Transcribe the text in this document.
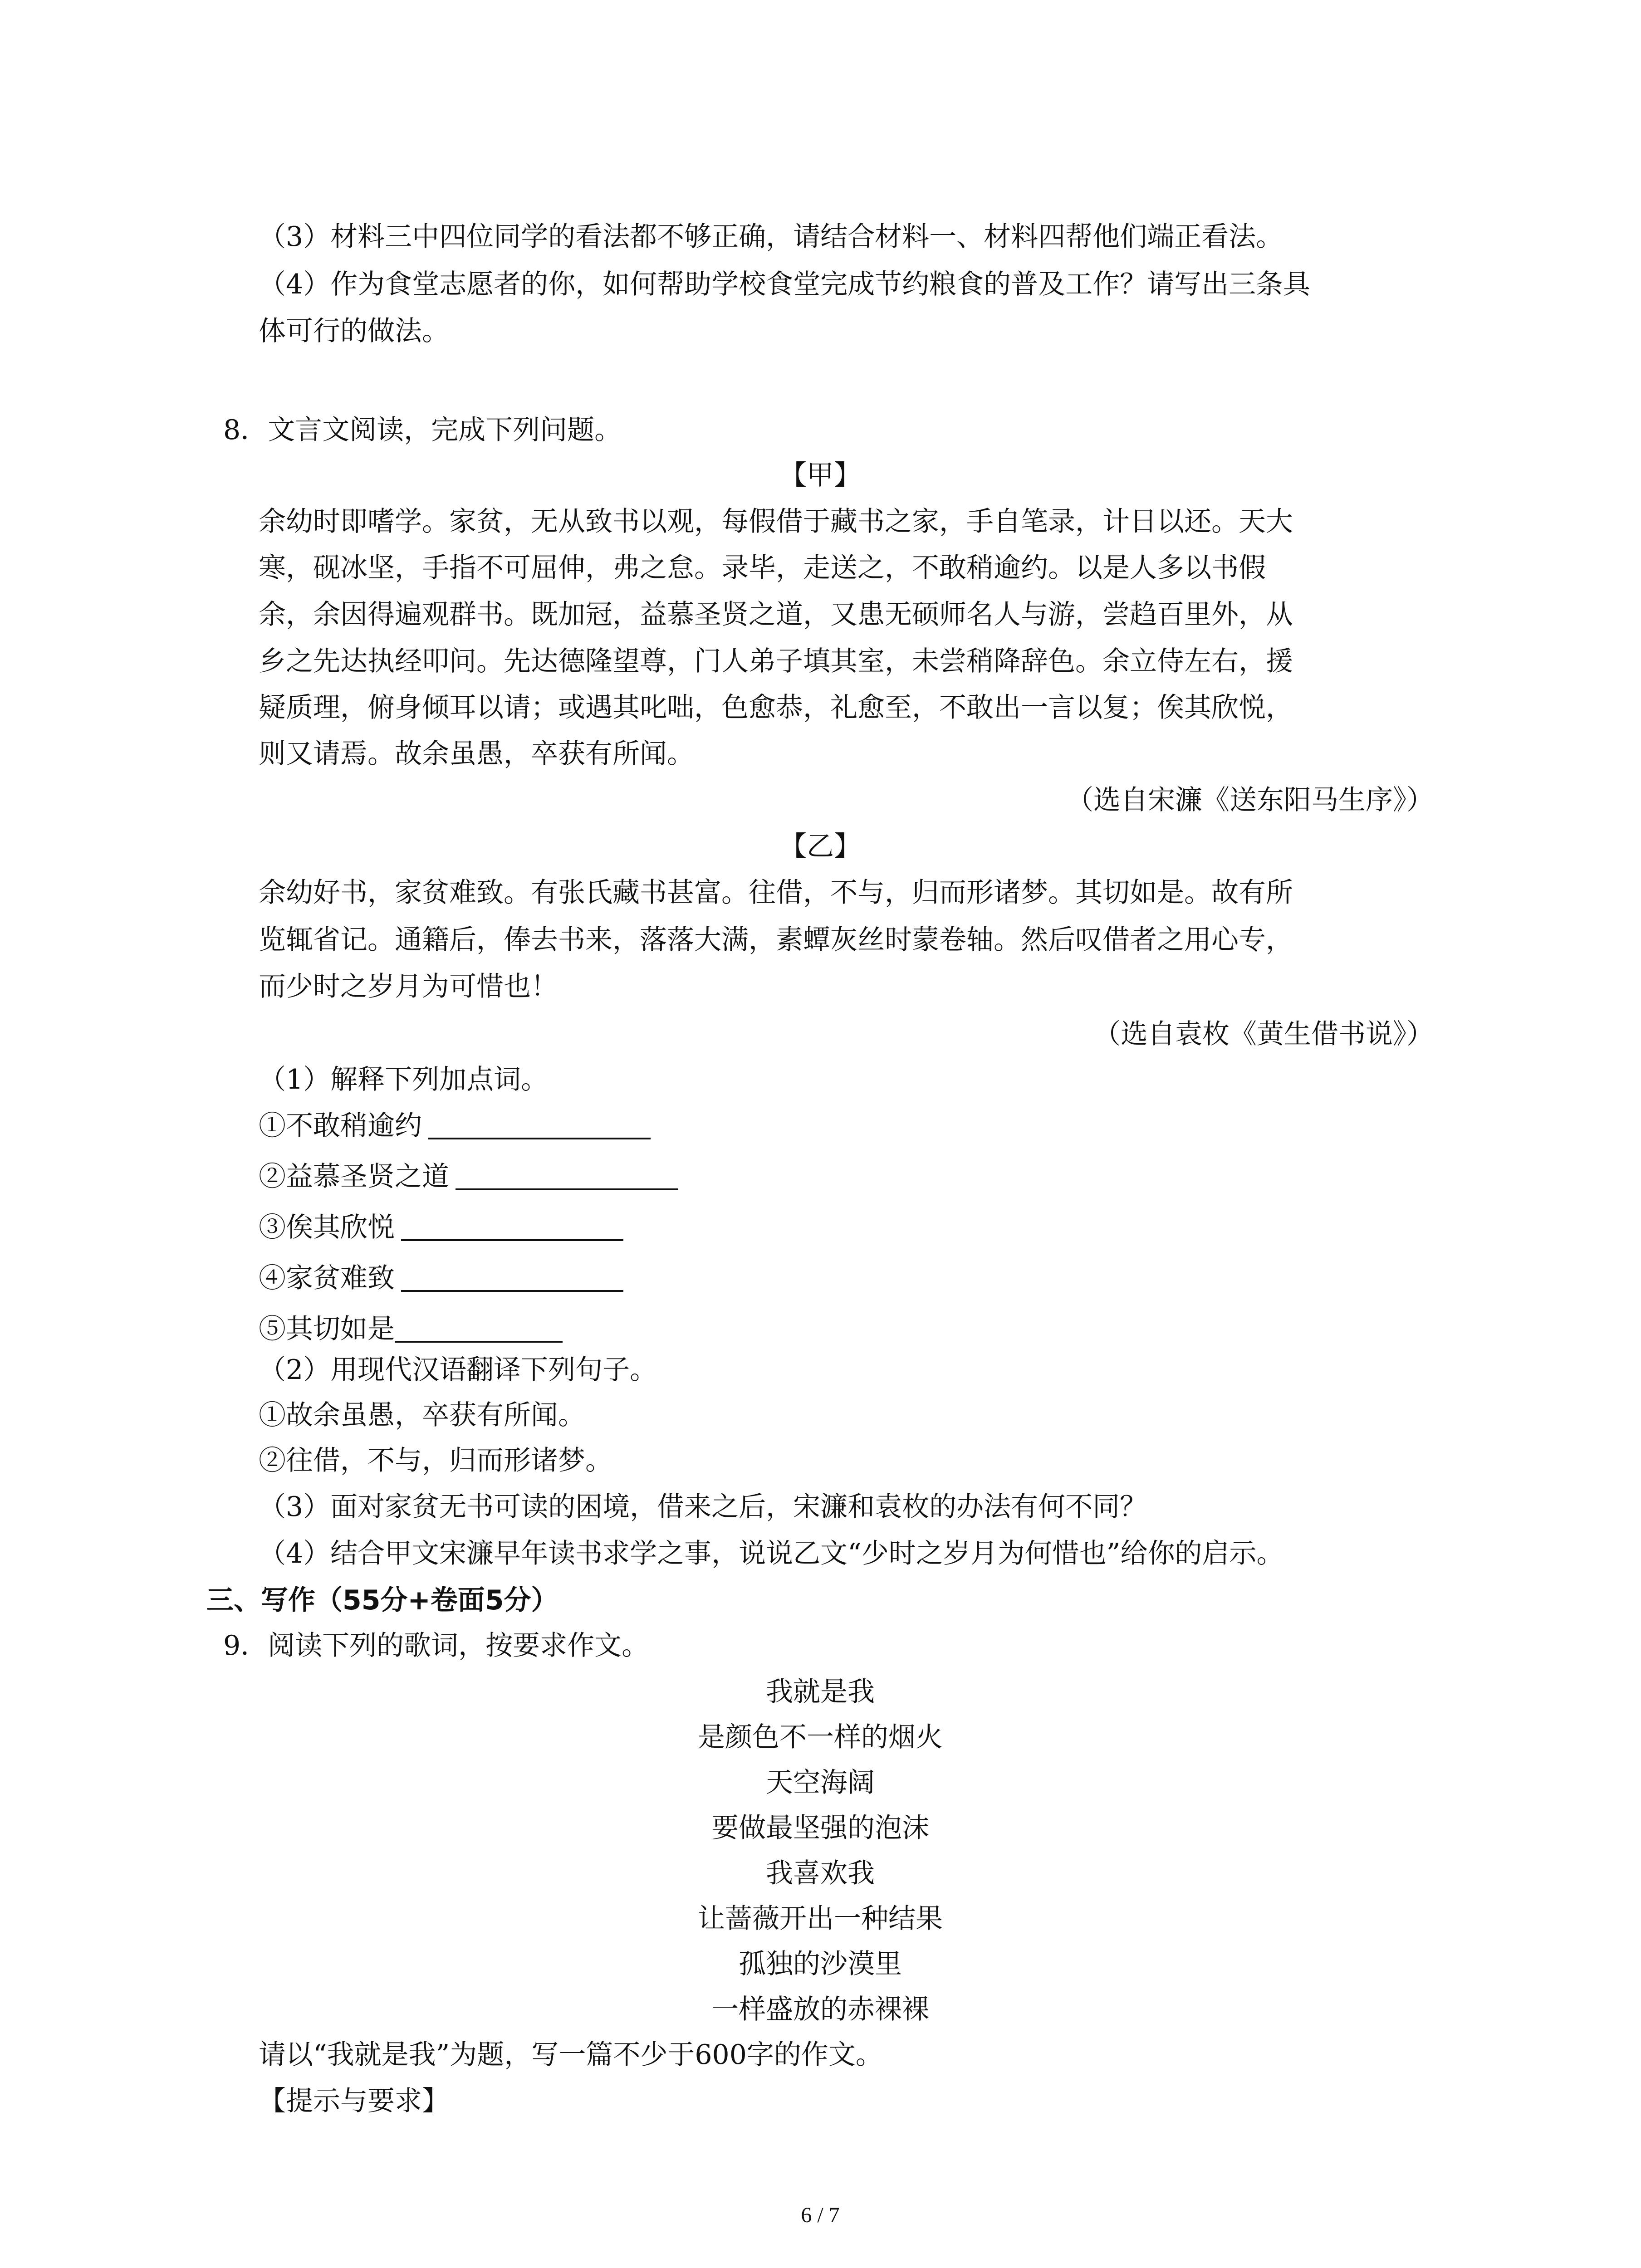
（3）材料三中四位同学的看法都不够正确，请结合材料一、材料四帮他们端正看法。
（4）作为食堂志愿者的你，如何帮助学校食堂完成节约粮食的普及工作？请写出三条具
体可行的做法。
8．文言文阅读，完成下列问题。
【甲】
余幼时即嗜学。家贫，无从致书以观，每假借于藏书之家，手自笔录，计日以还。天大
寒，砚冰坚，手指不可屈伸，弗之怠。录毕，走送之，不敢稍逾约。以是人多以书假
余，余因得遍观群书。既加冠，益慕圣贤之道，又患无硕师名人与游，尝趋百里外，从
乡之先达执经叩问。先达德隆望尊，门人弟子填其室，未尝稍降辞色。余立侍左右，援
疑质理，俯身倾耳以请；或遇其叱咄，色愈恭，礼愈至，不敢出一言以复；俟其欣悦，
则又请焉。故余虽愚，卒获有所闻。
（选自宋濂《送东阳马生序》）
【乙】
余幼好书，家贫难致。有张氏藏书甚富。往借，不与，归而形诸梦。其切如是。故有所
览辄省记。通籍后，俸去书来，落落大满，素蟫灰丝时蒙卷轴。然后叹借者之用心专，
而少时之岁月为可惜也！
（选自袁枚《黄生借书说》）
（1）解释下列加点词。
①不敢稍逾约
②益慕圣贤之道
③俟其欣悦
④家贫难致
⑤其切如是
（2）用现代汉语翻译下列句子。
①故余虽愚，卒获有所闻。
②往借，不与，归而形诸梦。
（3）面对家贫无书可读的困境，借来之后，宋濂和袁枚的办法有何不同？
（4）结合甲文宋濂早年读书求学之事，说说乙文“少时之岁月为何惜也”给你的启示。
三、写作（55分+卷面5分）
9．阅读下列的歌词，按要求作文。
我就是我
是颜色不一样的烟火
天空海阔
要做最坚强的泡沫
我喜欢我
让蔷薇开出一种结果
孤独的沙漠里
一样盛放的赤裸裸
请以“我就是我”为题，写一篇不少于600字的作文。
【提示与要求】
6 / 7
